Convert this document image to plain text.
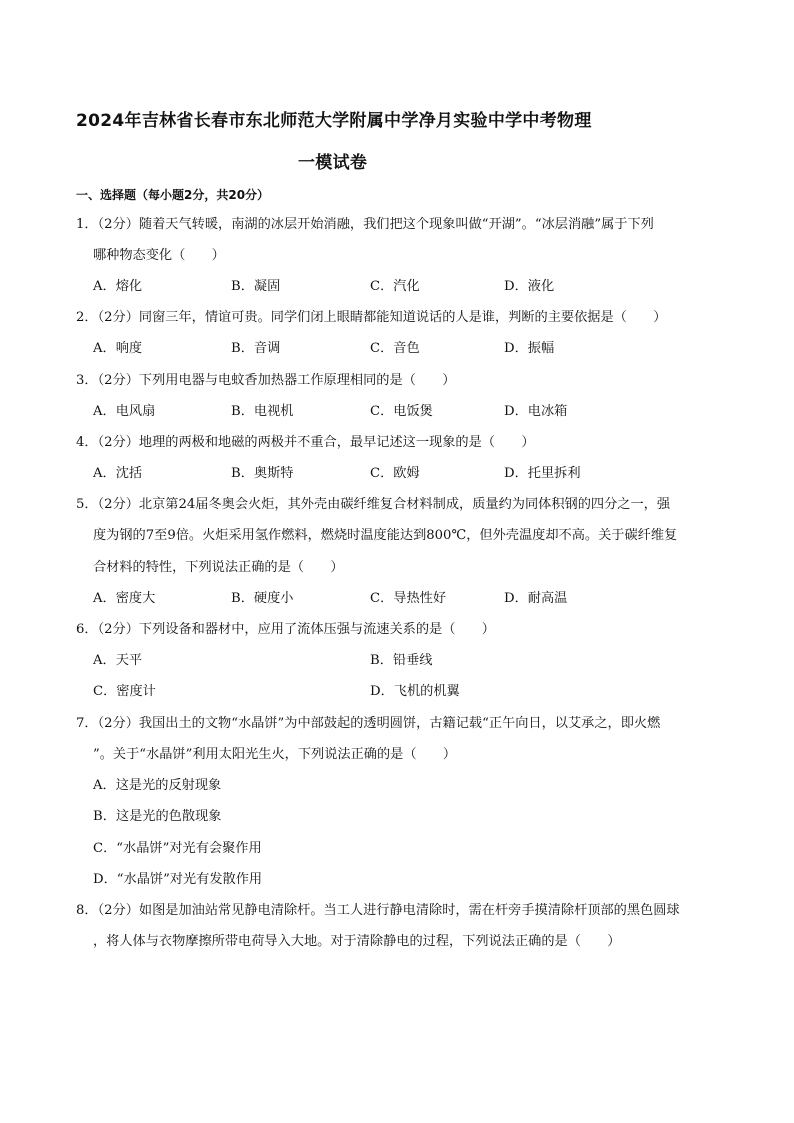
2024年吉林省长春市东北师范大学附属中学净月实验中学中考物理
一模试卷
一、选择题（每小题2分，共20分）
1．（2分）随着天气转暖，南湖的冰层开始消融，我们把这个现象叫做“开湖”。“冰层消融”属于下列
哪种物态变化（　　）
A．熔化	B．凝固	C．汽化	D．液化
2．（2分）同窗三年，情谊可贵。同学们闭上眼睛都能知道说话的人是谁，判断的主要依据是（　　）
A．响度	B．音调	C．音色	D．振幅
3．（2分）下列用电器与电蚊香加热器工作原理相同的是（　　）
A．电风扇	B．电视机	C．电饭煲	D．电冰箱
4．（2分）地理的两极和地磁的两极并不重合，最早记述这一现象的是（　　）
A．沈括	B．奥斯特	C．欧姆	D．托里拆利
5．（2分）北京第24届冬奥会火炬，其外壳由碳纤维复合材料制成，质量约为同体积钢的四分之一，强
度为钢的7至9倍。火炬采用氢作燃料，燃烧时温度能达到800℃，但外壳温度却不高。关于碳纤维复
合材料的特性，下列说法正确的是（　　）
A．密度大	B．硬度小	C．导热性好	D．耐高温
6．（2分）下列设备和器材中，应用了流体压强与流速关系的是（　　）
A．天平	B．铅垂线
C．密度计	D．飞机的机翼
7．（2分）我国出土的文物“水晶饼”为中部鼓起的透明圆饼，古籍记载“正午向日，以艾承之，即火燃
”。关于“水晶饼”利用太阳光生火，下列说法正确的是（　　）
A．这是光的反射现象
B．这是光的色散现象
C．“水晶饼”对光有会聚作用
D．“水晶饼”对光有发散作用
8．（2分）如图是加油站常见静电清除杆。当工人进行静电清除时，需在杆旁手摸清除杆顶部的黑色圆球
，将人体与衣物摩擦所带电荷导入大地。对于清除静电的过程，下列说法正确的是（　　）
